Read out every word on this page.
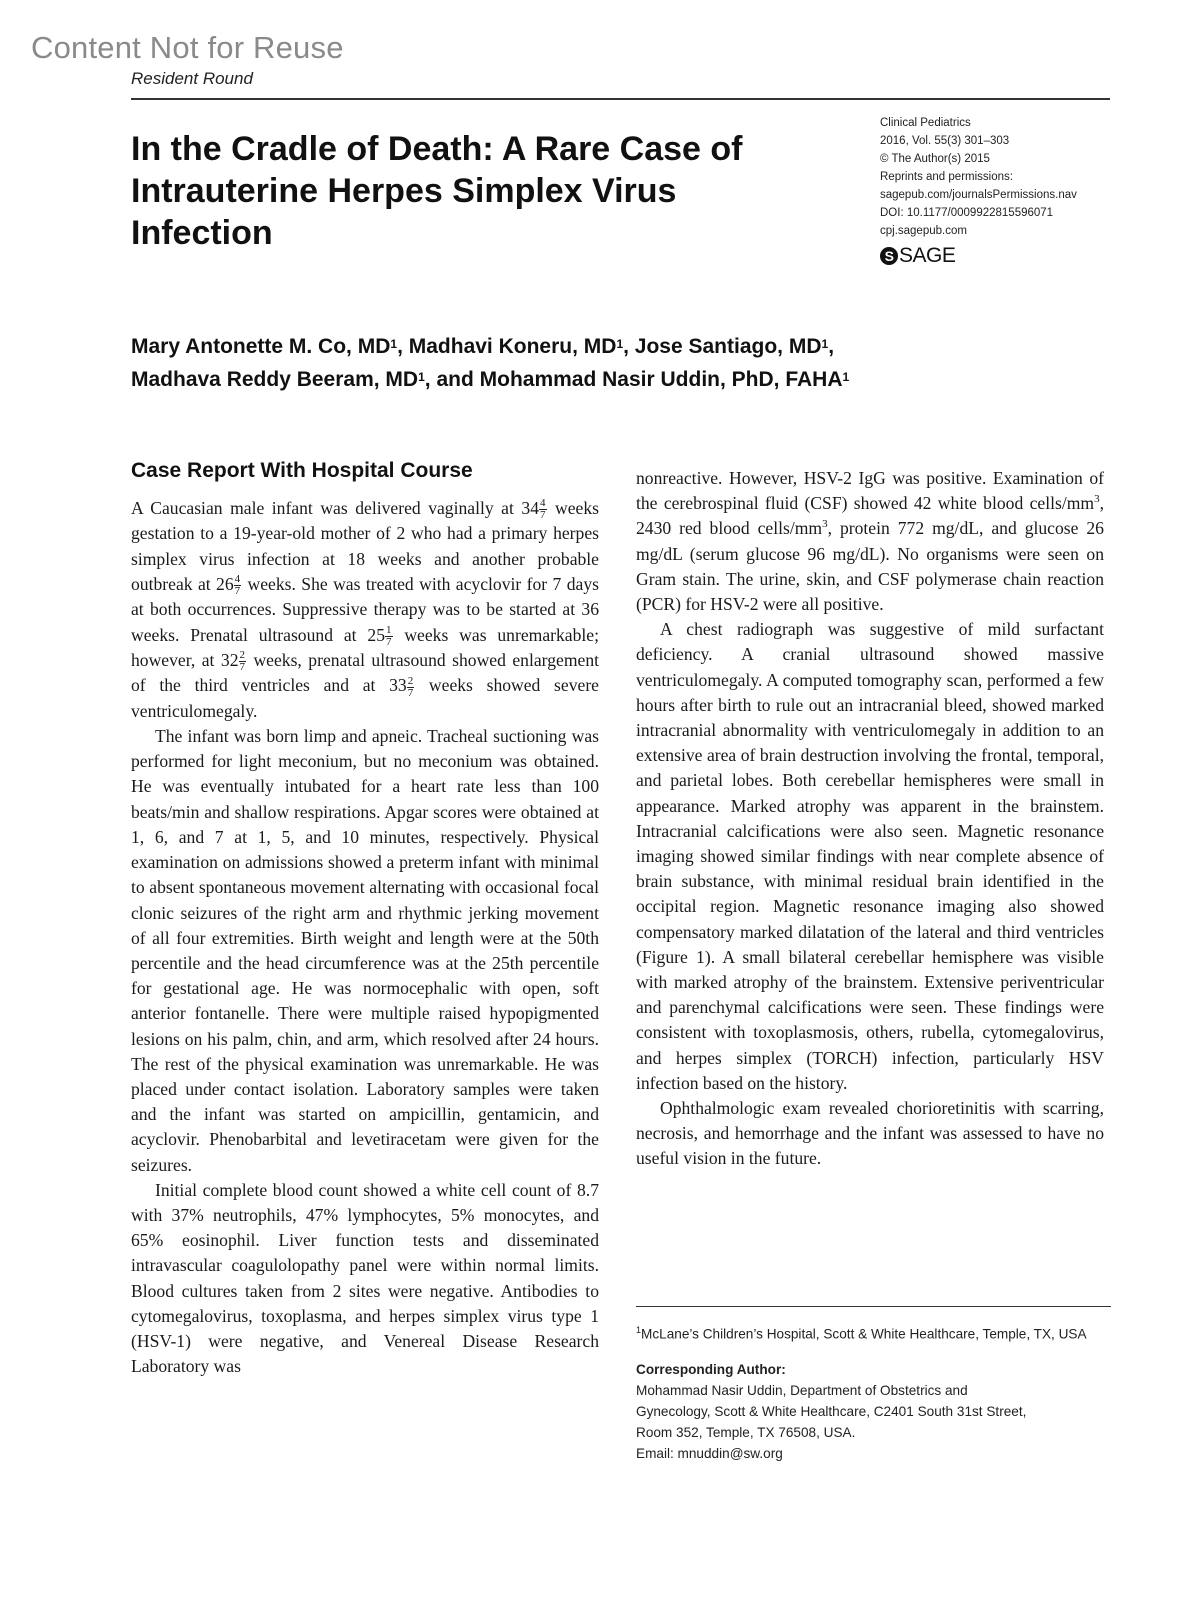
Content Not for Reuse
Resident Round
In the Cradle of Death: A Rare Case of Intrauterine Herpes Simplex Virus Infection
Clinical Pediatrics
2016, Vol. 55(3) 301–303
© The Author(s) 2015
Reprints and permissions:
sagepub.com/journalsPermissions.nav
DOI: 10.1177/0009922815596071
cpj.sagepub.com
S SAGE
Mary Antonette M. Co, $MD^1$, Madhavi Koneru, $MD^1$, Jose Santiago, $MD^1$,
Madhava Reddy Beeram, $MD^1$, and Mohammad Nasir Uddin, PhD, FAHA$^1$
Case Report With Hospital Course

A Caucasian male infant was delivered vaginally at $34 \frac{4}{7}$ weeks gestation to a 19-year-old mother of 2 who had a primary herpes simplex virus infection at 18 weeks and another probable outbreak at $26 \frac{4}{7}$ weeks. She was treated with acyclovir for 7 days at both occurrences. Suppressive therapy was to be started at 36 weeks. Prenatal ultrasound at $25 \frac{1}{7}$ weeks was unremarkable; however, at $32 \frac{2}{7}$ weeks, prenatal ultrasound showed enlargement of the third ventricles and at $33 \frac{2}{7}$ weeks showed severe ventriculomegaly.

The infant was born limp and apneic. Tracheal suctioning was performed for light meconium, but no meconium was obtained. He was eventually intubated for a heart rate less than 100 beats/min and shallow respirations. Apgar scores were obtained at 1, 6, and 7 at 1, 5, and 10 minutes, respectively. Physical examination on admissions showed a preterm infant with minimal to absent spontaneous movement alternating with occasional focal clonic seizures of the right arm and rhythmic jerking movement of all four extremities. Birth weight and length were at the 50th percentile and the head circumference was at the 25th percentile for gestational age. He was normocephalic with open, soft anterior fontanelle. There were multiple raised hypopigmented lesions on his palm, chin, and arm, which resolved after 24 hours. The rest of the physical examination was unremarkable. He was placed under contact isolation. Laboratory samples were taken and the infant was started on ampicillin, gentamicin, and acyclovir. Phenobarbital and levetiracetam were given for the seizures.

Initial complete blood count showed a white cell count of 8.7 with 37% neutrophils, 47% lymphocytes, 5% monocytes, and 65% eosinophil. Liver function tests and disseminated intravascular coagulolopathy panel were within normal limits. Blood cultures taken from 2 sites were negative. Antibodies to cytomegalovirus, toxoplasma, and herpes simplex virus type 1 (HSV-1) were negative, and Venereal Disease Research Laboratory was

nonreactive. However, HSV-2 IgG was positive. Examination of the cerebrospinal fluid (CSF) showed 42 white blood cells/$mm^3$, 2430 red blood cells/$mm^3$, protein 772 mg/dL, and glucose 26 mg/dL (serum glucose 96 mg/dL). No organisms were seen on Gram stain. The urine, skin, and CSF polymerase chain reaction (PCR) for HSV-2 were all positive.

A chest radiograph was suggestive of mild surfactant deficiency. A cranial ultrasound showed massive ventriculomegaly. A computed tomography scan, performed a few hours after birth to rule out an intracranial bleed, showed marked intracranial abnormality with ventriculomegaly in addition to an extensive area of brain destruction involving the frontal, temporal, and parietal lobes. Both cerebellar hemispheres were small in appearance. Marked atrophy was apparent in the brainstem. Intracranial calcifications were also seen. Magnetic resonance imaging showed similar findings with near complete absence of brain substance, with minimal residual brain identified in the occipital region. Magnetic resonance imaging also showed compensatory marked dilatation of the lateral and third ventricles (Figure 1). A small bilateral cerebellar hemisphere was visible with marked atrophy of the brainstem. Extensive periventricular and parenchymal calcifications were seen. These findings were consistent with toxoplasmosis, others, rubella, cytomegalovirus, and herpes simplex (TORCH) infection, particularly HSV infection based on the history.

Ophthalmologic exam revealed chorioretinitis with scarring, necrosis, and hemorrhage and the infant was assessed to have no useful vision in the future.

$^1$McLane’s Children’s Hospital, Scott & White Healthcare, Temple, TX, USA
Corresponding Author:
Mohammad Nasir Uddin, Department of Obstetrics and
Gynecology, Scott & White Healthcare, C2401 South 31st Street,
Room 352, Temple, TX 76508, USA.
Email: mnuddin@sw.org
